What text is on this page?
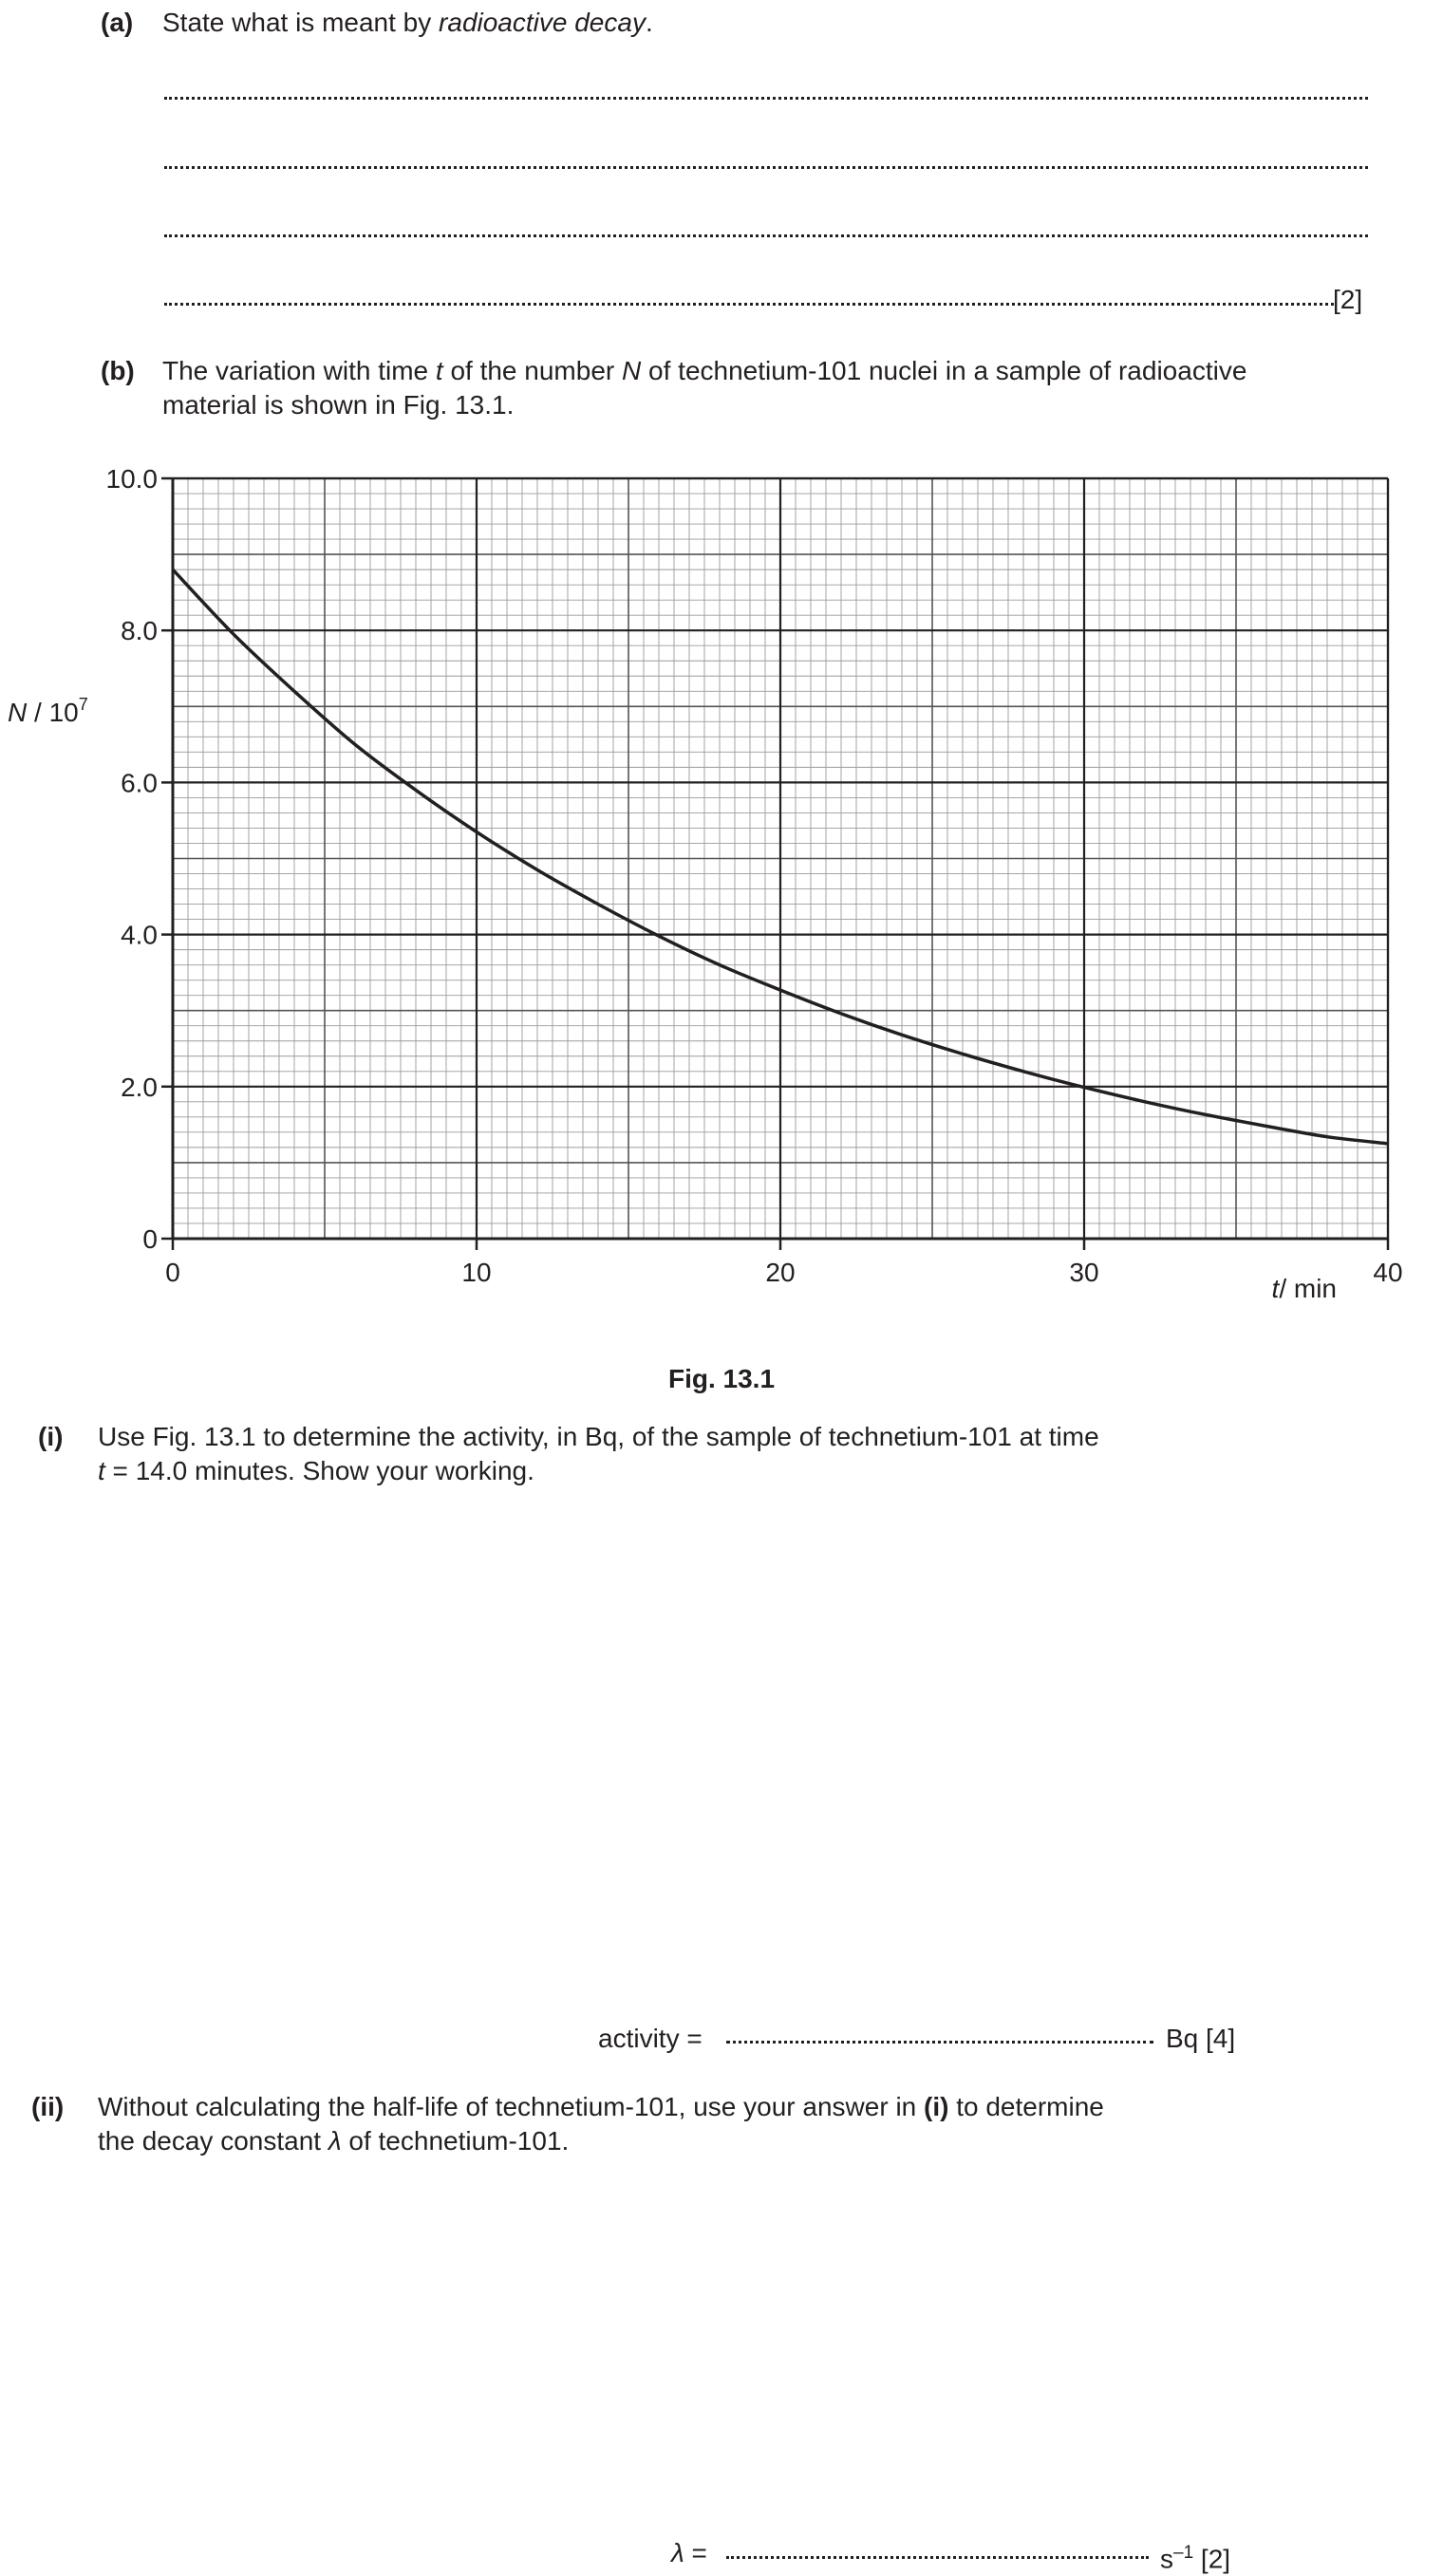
(a) State what is meant by radioactive decay.
[2]
(b) The variation with time t of the number N of technetium-101 nuclei in a sample of radioactive
material is shown in Fig. 13.1.
0
2.0
4.0
6.0
8.0
10.0
0	10	20	30	40
N / $10^7$
t/ min
Fig. 13.1
(i) Use Fig. 13.1 to determine the activity, in Bq, of the sample of technetium-101 at time
t = 14.0 minutes. Show your working.
activity =	Bq [4]
(ii) Without calculating the half-life of technetium-101, use your answer in (i) to determine
the decay constant λ of technetium-101.
λ =	$s^{-1}$ [2]
